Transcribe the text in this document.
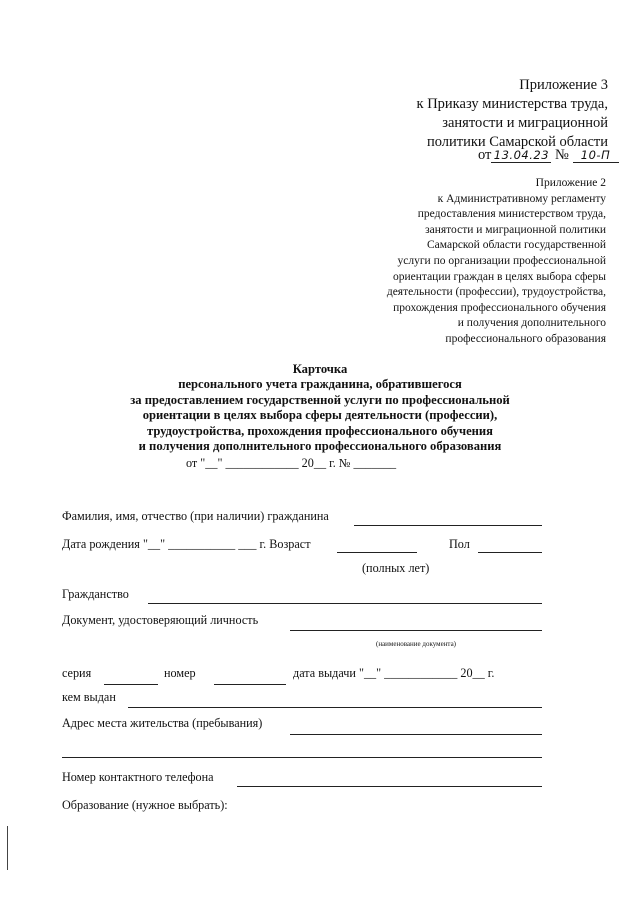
Приложение 3
к Приказу министерства труда,
занятости и миграционной
политики Самарской области
от 13.04.23 № 10-П
Приложение 2
к Административному регламенту
предоставления министерством труда,
занятости и миграционной политики
Самарской области государственной
услуги по организации профессиональной
ориентации граждан в целях выбора сферы
деятельности (профессии), трудоустройства,
прохождения профессионального обучения
и получения дополнительного
профессионального образования
Карточка
персонального учета гражданина, обратившегося
за предоставлением государственной услуги по профессиональной
ориентации в целях выбора сферы деятельности (профессии),
трудоустройства, прохождения профессионального обучения
и получения дополнительного профессионального образования
от "__" ____________ 20__ г. № _______
Фамилия, имя, отчество (при наличии) гражданина
Дата рождения "__" ___________ ___ г. Возраст	Пол
(полных лет)
Гражданство
Документ, удостоверяющий личность
(наименование документа)
серия	номер	дата выдачи "__" ____________ 20__ г.
кем выдан
Адрес места жительства (пребывания)
Номер контактного телефона
Образование (нужное выбрать):
